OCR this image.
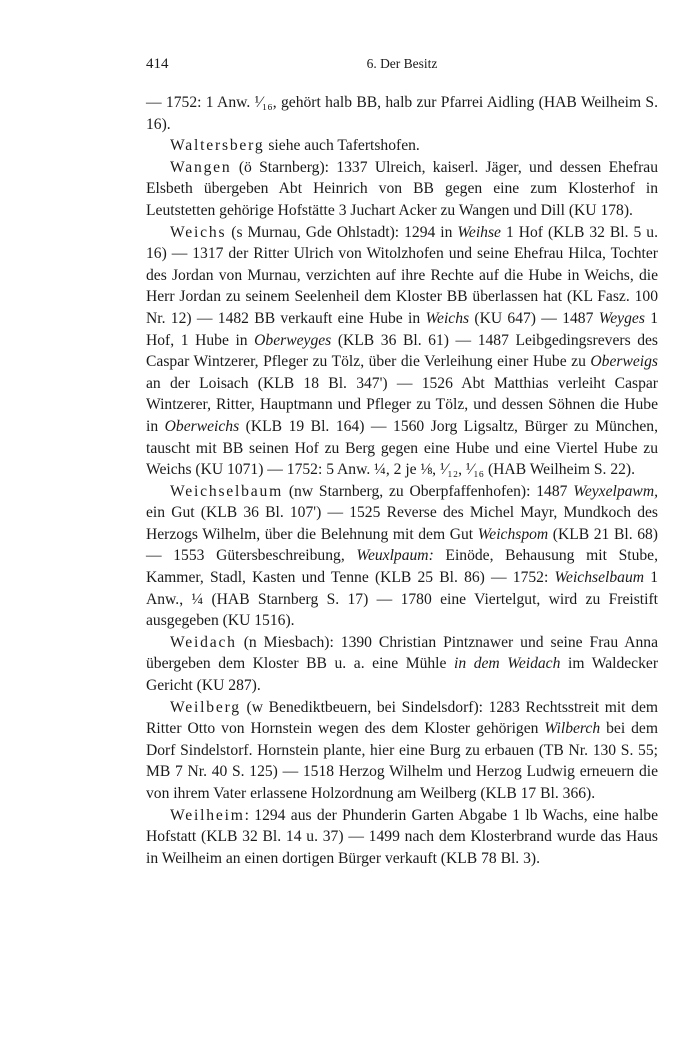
414	6. Der Besitz

— 1752: 1 Anw. ¹⁄₁₆, gehört halb BB, halb zur Pfarrei Aidling (HAB Weilheim S. 16).

Waltersberg siehe auch Tafertshofen.

Wangen (ö Starnberg): 1337 Ulreich, kaiserl. Jäger, und dessen Ehefrau Elsbeth übergeben Abt Heinrich von BB gegen eine zum Klosterhof in Leutstetten gehörige Hofstätte 3 Juchart Acker zu Wangen und Dill (KU 178).

Weichs (s Murnau, Gde Ohlstadt): 1294 in Weihse 1 Hof (KLB 32 Bl. 5 u. 16) — 1317 der Ritter Ulrich von Witolzhofen und seine Ehefrau Hilca, Tochter des Jordan von Murnau, verzichten auf ihre Rechte auf die Hube in Weichs, die Herr Jordan zu seinem Seelenheil dem Kloster BB überlassen hat (KL Fasz. 100 Nr. 12) — 1482 BB verkauft eine Hube in Weichs (KU 647) — 1487 Weyges 1 Hof, 1 Hube in Oberweyges (KLB 36 Bl. 61) — 1487 Leibgedingsrevers des Caspar Wintzerer, Pfleger zu Tölz, über die Verleihung einer Hube zu Oberweigs an der Loisach (KLB 18 Bl. 347') — 1526 Abt Matthias verleiht Caspar Wintzerer, Ritter, Hauptmann und Pfleger zu Tölz, und dessen Söhnen die Hube in Oberweichs (KLB 19 Bl. 164) — 1560 Jorg Ligsaltz, Bürger zu München, tauscht mit BB seinen Hof zu Berg gegen eine Hube und eine Viertel Hube zu Weichs (KU 1071) — 1752: 5 Anw. ¼, 2 je ⅛, ¹⁄₁₂, ¹⁄₁₆ (HAB Weilheim S. 22).

Weichselbaum (nw Starnberg, zu Oberpfaffenhofen): 1487 Weyxelpawm, ein Gut (KLB 36 Bl. 107') — 1525 Reverse des Michel Mayr, Mundkoch des Herzogs Wilhelm, über die Belehnung mit dem Gut Weichspom (KLB 21 Bl. 68) — 1553 Gütersbeschreibung, Weuxlpaum: Einöde, Behausung mit Stube, Kammer, Stadl, Kasten und Tenne (KLB 25 Bl. 86) — 1752: Weichselbaum 1 Anw., ¼ (HAB Starnberg S. 17) — 1780 eine Viertelgut, wird zu Freistift ausgegeben (KU 1516).

Weidach (n Miesbach): 1390 Christian Pintznawer und seine Frau Anna übergeben dem Kloster BB u. a. eine Mühle in dem Weidach im Waldecker Gericht (KU 287).

Weilberg (w Benediktbeuern, bei Sindelsdorf): 1283 Rechtsstreit mit dem Ritter Otto von Hornstein wegen des dem Kloster gehörigen Wilberch bei dem Dorf Sindelstorf. Hornstein plante, hier eine Burg zu erbauen (TB Nr. 130 S. 55; MB 7 Nr. 40 S. 125) — 1518 Herzog Wilhelm und Herzog Ludwig erneuern die von ihrem Vater erlassene Holzordnung am Weilberg (KLB 17 Bl. 366).

Weilheim: 1294 aus der Phunderin Garten Abgabe 1 lb Wachs, eine halbe Hofstatt (KLB 32 Bl. 14 u. 37) — 1499 nach dem Klosterbrand wurde das Haus in Weilheim an einen dortigen Bürger verkauft (KLB 78 Bl. 3).
